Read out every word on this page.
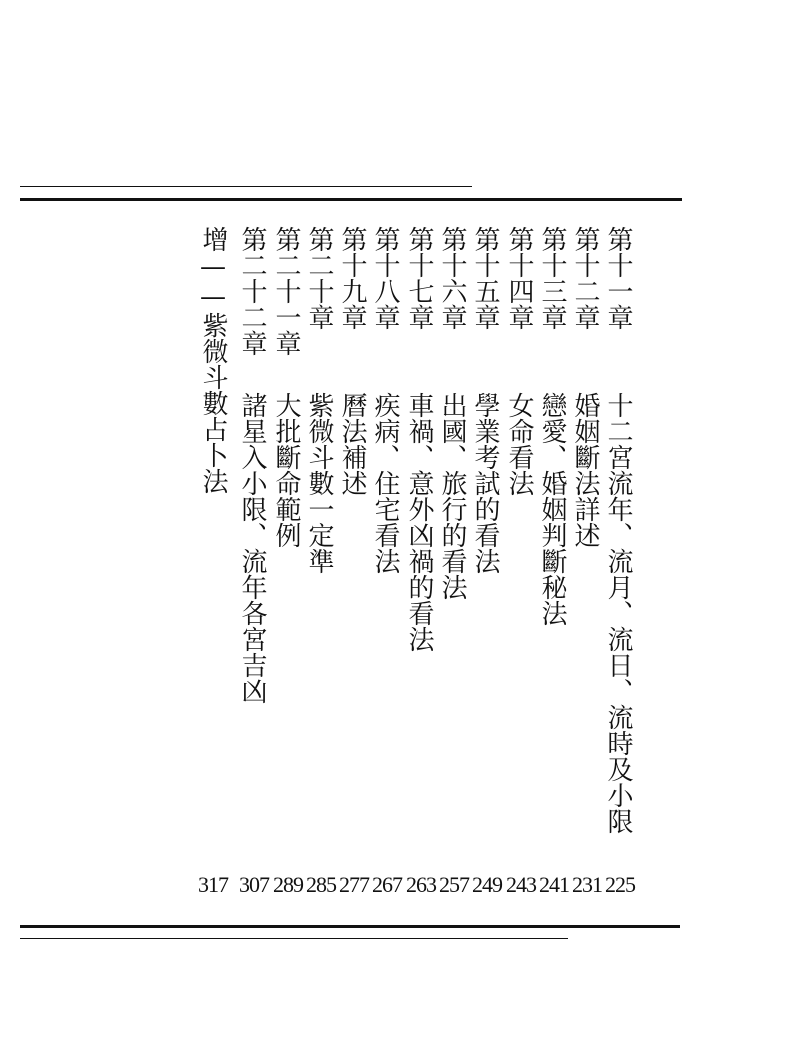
第十一章
十二宮流年、流月、流日、流時及小限
第十二章
婚姻斷法詳述
第十三章
戀愛、婚姻判斷秘法
第十四章
女命看法
第十五章
學業考試的看法
第十六章
出國、旅行的看法
第十七章
車禍、意外凶禍的看法
第十八章
疾病、住宅看法
第十九章
曆法補述
第二十章
紫微斗數一定準
第二十一章
大批斷命範例
第二十二章
諸星入小限、流年各宮吉凶
增——紫微斗數占卜法
225
231
241
243
249
257
263
267
277
285
289
307
317
